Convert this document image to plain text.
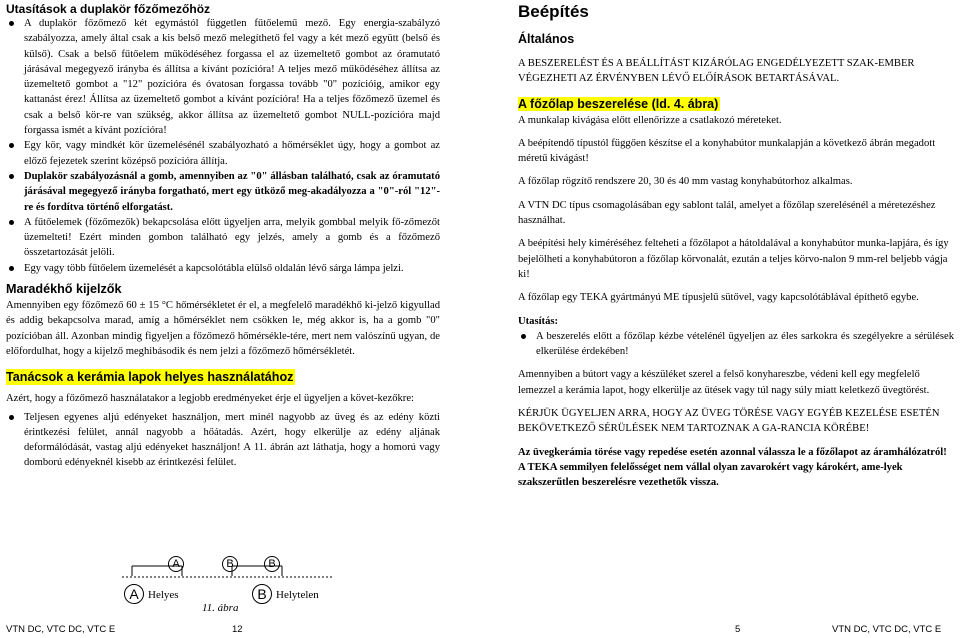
Utasítások a duplakör főzőmezőhöz
A duplakör főzőmező két egymástól független fűtőelemű mező. Egy energia-szabályzó szabályozza, amely által csak a kis belső mező melegíthető fel vagy a két mező együtt (belső és külső). Csak a belső fűtőelem működéséhez forgassa el az üzemeltető gombot az óramutató járásával megegyező irányba és állítsa a kívánt pozícióra! A teljes mező működéséhez állítsa az üzemeltető gombot a "12" pozícióra és óvatosan forgassa tovább "0" pozícióig, amikor egy kattanást érez! Állítsa az üzemeltető gombot a kívánt pozícióra! Ha a teljes főzőmező üzemel és csak a belső kör-re van szükség, akkor állítsa az üzemeltető gombot NULL-pozícióra majd forgassa ismét a kívánt pozícióra!
Egy kör, vagy mindkét kör üzemelésénél szabályozható a hőmérséklet úgy, hogy a gombot az előző fejezetek szerint középső pozícióra állítja.
Duplakör szabályozásnál a gomb, amennyiben az "0" állásban található, csak az óramutató járásával megegyező irányba forgatható, mert egy ütköző meg-akadályozza a "0"-ról "12"-re és fordítva történő elforgatást.
A fűtőelemek (főzőmezők) bekapcsolása előtt ügyeljen arra, melyik gombbal melyik fő-zőmezőt üzemelteti! Ezért minden gombon található egy jelzés, amely a gomb és a főzőmező összetartozását jelöli.
Egy vagy több fűtőelem üzemelését a kapcsolótábla elülső oldalán lévő sárga lámpa jelzi.
Maradékhő kijelzők

Amennyiben egy főzőmező 60 ± 15 °C hőmérsékletet ér el, a megfelelő maradékhő ki-jelző kigyullad és addig bekapcsolva marad, amíg a hőmérséklet nem csökken le, még akkor is, ha a gomb "0" pozícióban áll. Azonban mindig figyeljen a főzőmező hőmérsékle-tére, mert nem valószínű ugyan, de előfordulhat, hogy a kijelző meghibásodik és nem jelzi a főzőmező hőmérsékletét.

Tanácsok a kerámia lapok helyes használatához

Azért, hogy a főzőmező használatakor a legjobb eredményeket érje el ügyeljen a követ-kezőkre:

Teljesen egyenes aljú edényeket használjon, mert minél nagyobb az üveg és az edény közti érintkezési felület, annál nagyobb a hőátadás. Azért, hogy elkerülje az edény aljának deformálódását, vastag aljú edényeket használjon! A 11. ábrán azt láthatja, hogy a homorú vagy domború edényeknél kisebb az érintkezési felület.
A	B	B
A Helyes	B Helytelen
11. ábra
Beépítés
Általános

A BESZERELÉST ÉS A BEÁLLÍTÁST KIZÁRÓLAG ENGEDÉLYEZETT SZAK-EMBER VÉGEZHETI AZ ÉRVÉNYBEN LÉVŐ ELŐÍRÁSOK BETARTÁSÁVAL.

A főzőlap beszerelése (ld. 4. ábra)

A munkalap kivágása előtt ellenőrizze a csatlakozó méreteket.

A beépítendő típustól függően készítse el a konyhabútor munkalapján a következő ábrán megadott méretű kivágást!

A főzőlap rögzítő rendszere 20, 30 és 40 mm vastag konyhabútorhoz alkalmas.

A VTN DC típus csomagolásában egy sablont talál, amelyet a főzőlap szerelésénél a méretezéshez használhat.

A beépítési hely kiméréséhez felteheti a főzőlapot a hátoldalával a konyhabútor munka-lapjára, és így bejelölheti a konyhabútoron a főzőlap körvonalát, ezután a teljes körvo-nalon 9 mm-rel beljebb vágja ki!

A főzőlap egy TEKA gyártmányú ME típusjelű sütővel, vagy kapcsolótáblával építhető egybe.

Utasítás:

A beszerelés előtt a főzőlap kézbe vételénél ügyeljen az éles sarkokra és szegélyekre a sérülések elkerülése érdekében!

Amennyiben a bútort vagy a készüléket szerel a felső konyhareszbe, védeni kell egy megfelelő lemezzel a kerámia lapot, hogy elkerülje az ütések vagy túl nagy súly miatt keletkező üvegtörést.

KÉRJÜK ÜGYELJEN ARRA, HOGY AZ ÜVEG TÖRÉSE VAGY EGYÉB KEZELÉSE ESETÉN BEKÖVETKEZŐ SÉRÜLÉSEK NEM TARTOZNAK A GA-RANCIA KÖRÉBE!

Az üvegkerámia törése vagy repedése esetén azonnal válassza le a főzőlapot az áramhálózatról!

A TEKA semmilyen felelősséget nem vállal olyan zavarokért vagy károkért, ame-lyek szakszerűtlen beszerelésre vezethetők vissza.

VTN DC, VTC DC, VTC E	12	5	VTN DC, VTC DC, VTC E
